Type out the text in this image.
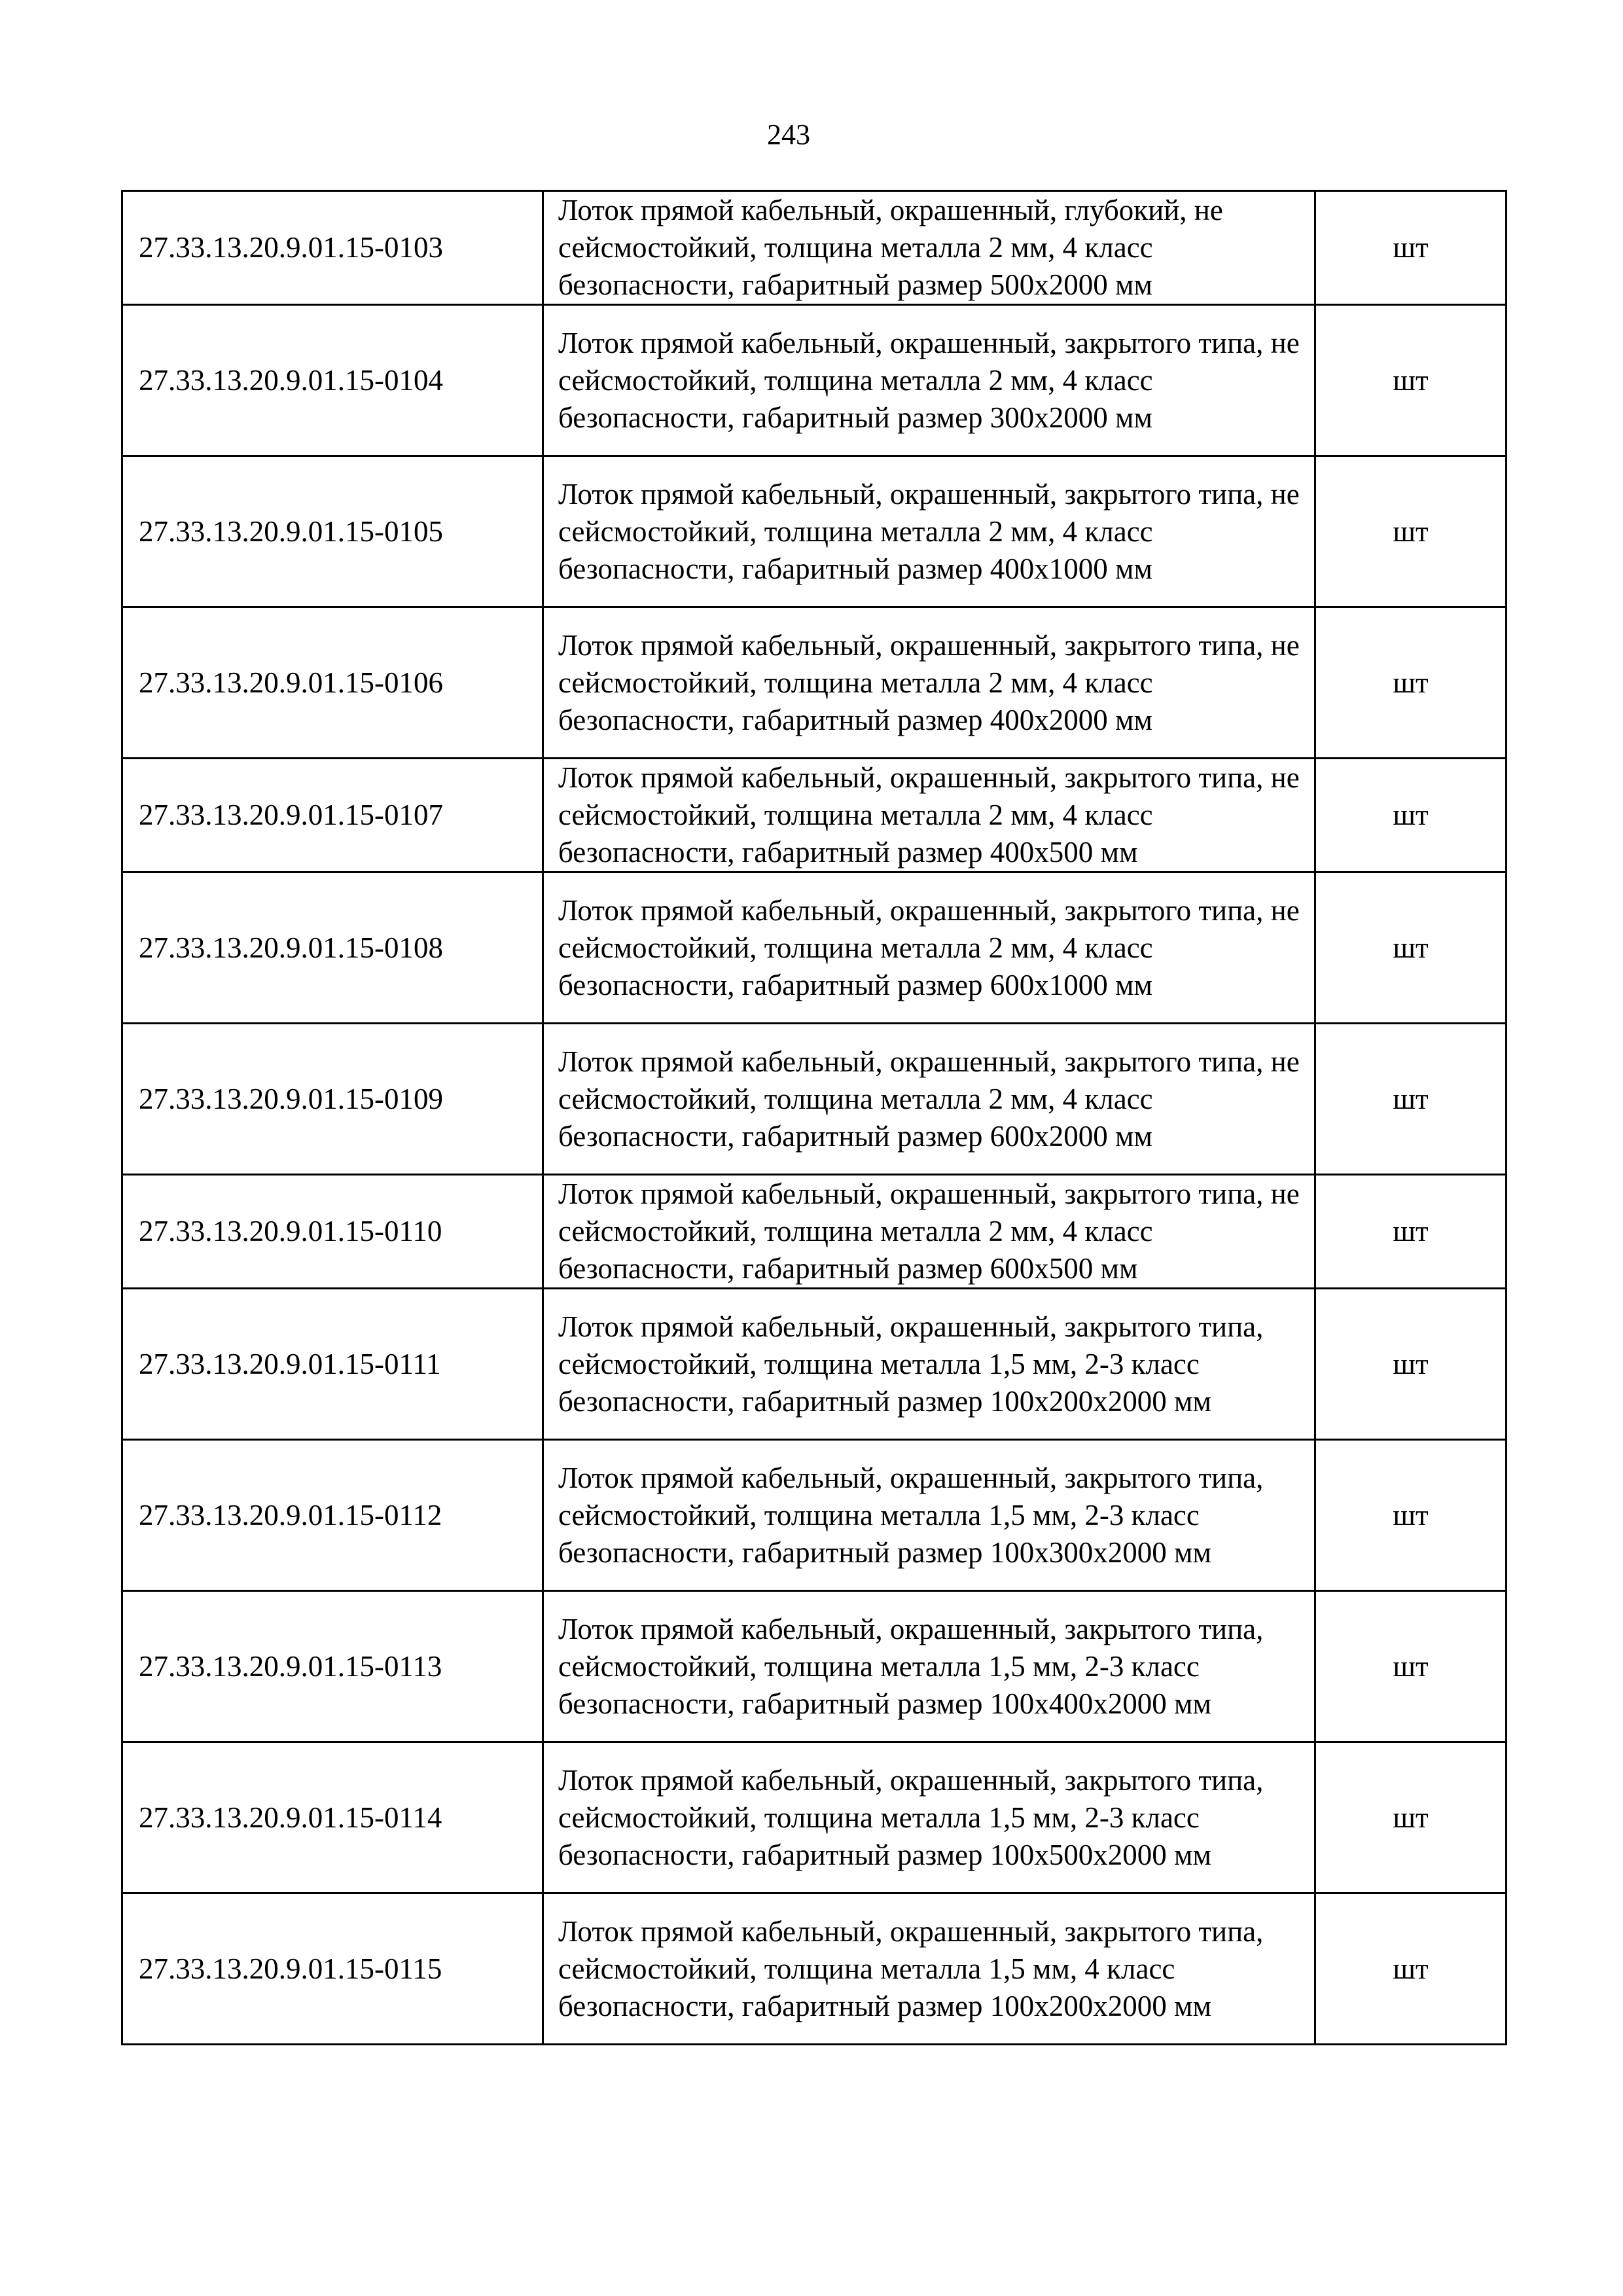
243
27.33.13.20.9.01.15-0103	Лоток прямой кабельный, окрашенный, глубокий, не сейсмостойкий, толщина металла 2 мм, 4 класс безопасности, габаритный размер 500х2000 мм	шт
27.33.13.20.9.01.15-0104	Лоток прямой кабельный, окрашенный, закрытого типа, не сейсмостойкий, толщина металла 2 мм, 4 класс безопасности, габаритный размер 300х2000 мм	шт
27.33.13.20.9.01.15-0105	Лоток прямой кабельный, окрашенный, закрытого типа, не сейсмостойкий, толщина металла 2 мм, 4 класс безопасности, габаритный размер 400х1000 мм	шт
27.33.13.20.9.01.15-0106	Лоток прямой кабельный, окрашенный, закрытого типа, не сейсмостойкий, толщина металла 2 мм, 4 класс безопасности, габаритный размер 400х2000 мм	шт
27.33.13.20.9.01.15-0107	Лоток прямой кабельный, окрашенный, закрытого типа, не сейсмостойкий, толщина металла 2 мм, 4 класс безопасности, габаритный размер 400х500 мм	шт
27.33.13.20.9.01.15-0108	Лоток прямой кабельный, окрашенный, закрытого типа, не сейсмостойкий, толщина металла 2 мм, 4 класс безопасности, габаритный размер 600х1000 мм	шт
27.33.13.20.9.01.15-0109	Лоток прямой кабельный, окрашенный, закрытого типа, не сейсмостойкий, толщина металла 2 мм, 4 класс безопасности, габаритный размер 600х2000 мм	шт
27.33.13.20.9.01.15-0110	Лоток прямой кабельный, окрашенный, закрытого типа, не сейсмостойкий, толщина металла 2 мм, 4 класс безопасности, габаритный размер 600х500 мм	шт
27.33.13.20.9.01.15-0111	Лоток прямой кабельный, окрашенный, закрытого типа, сейсмостойкий, толщина металла 1,5 мм, 2-3 класс безопасности, габаритный размер 100х200х2000 мм	шт
27.33.13.20.9.01.15-0112	Лоток прямой кабельный, окрашенный, закрытого типа, сейсмостойкий, толщина металла 1,5 мм, 2-3 класс безопасности, габаритный размер 100х300х2000 мм	шт
27.33.13.20.9.01.15-0113	Лоток прямой кабельный, окрашенный, закрытого типа, сейсмостойкий, толщина металла 1,5 мм, 2-3 класс безопасности, габаритный размер 100х400х2000 мм	шт
27.33.13.20.9.01.15-0114	Лоток прямой кабельный, окрашенный, закрытого типа, сейсмостойкий, толщина металла 1,5 мм, 2-3 класс безопасности, габаритный размер 100х500х2000 мм	шт
27.33.13.20.9.01.15-0115	Лоток прямой кабельный, окрашенный, закрытого типа, сейсмостойкий, толщина металла 1,5 мм, 4 класс безопасности, габаритный размер 100х200х2000 мм	шт
